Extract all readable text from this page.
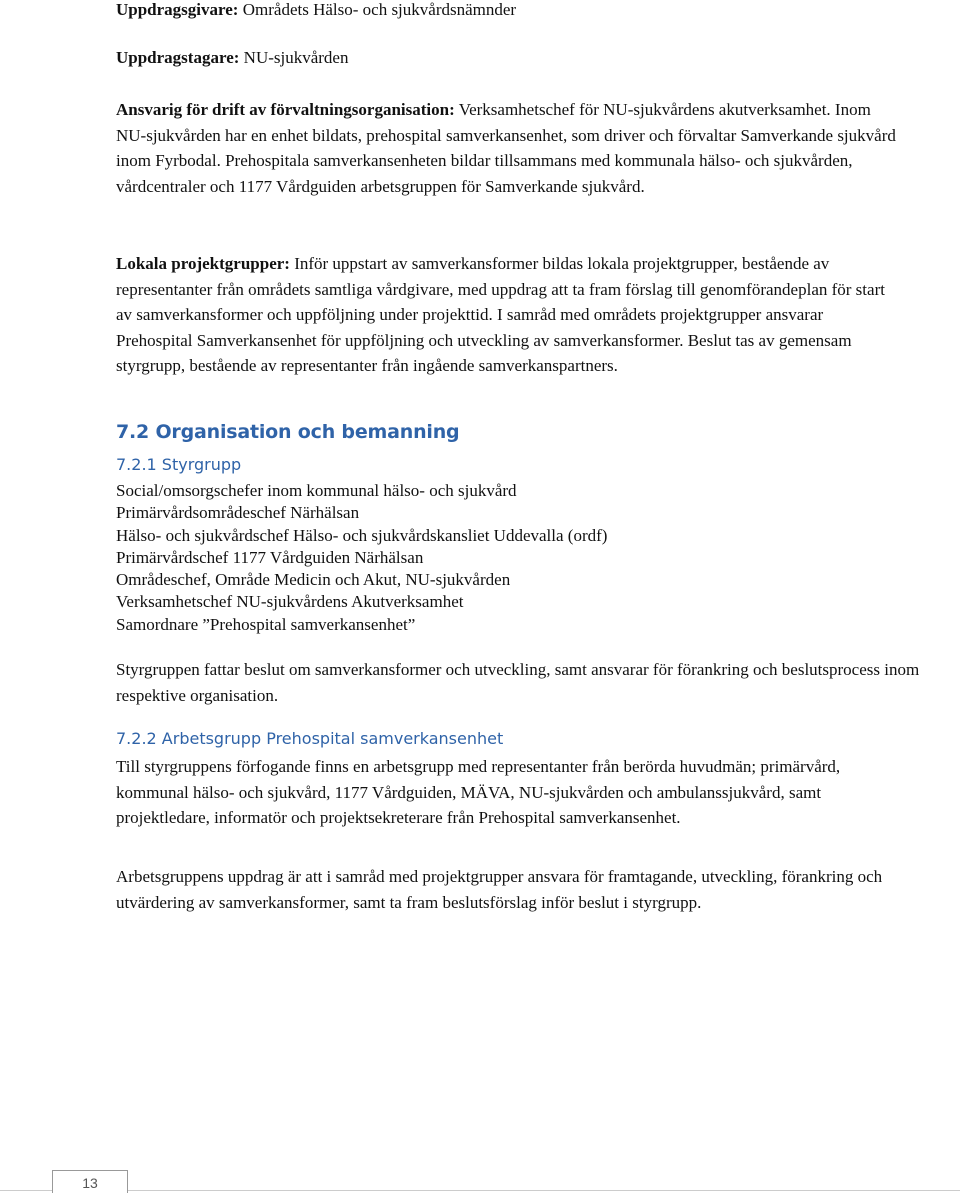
Uppdragsgivare: Områdets Hälso- och sjukvårdsnämnder

Uppdragstagare: NU-sjukvården

Ansvarig för drift av förvaltningsorganisation: Verksamhetschef för NU-sjukvårdens akutverksamhet. Inom NU-sjukvården har en enhet bildats, prehospital samverkansenhet, som driver och förvaltar Samverkande sjukvård inom Fyrbodal. Prehospitala samverkansenheten bildar tillsammans med kommunala hälso- och sjukvården, vårdcentraler och 1177 Vårdguiden arbetsgruppen för Samverkande sjukvård.

Lokala projektgrupper: Inför uppstart av samverkansformer bildas lokala projektgrupper, bestående av representanter från områdets samtliga vårdgivare, med uppdrag att ta fram förslag till genomförandeplan för start av samverkansformer och uppföljning under projekttid. I samråd med områdets projektgrupper ansvarar Prehospital Samverkansenhet för uppföljning och utveckling av samverkansformer. Beslut tas av gemensam styrgrupp, bestående av representanter från ingående samverkanspartners.

7.2 Organisation och bemanning
7.2.1 Styrgrupp

Social/omsorgschefer inom kommunal hälso- och sjukvård

Primärvårdsområdeschef Närhälsan

Hälso- och sjukvårdschef Hälso- och sjukvårdskansliet Uddevalla (ordf)

Primärvårdschef 1177 Vårdguiden Närhälsan

Områdeschef, Område Medicin och Akut, NU-sjukvården

Verksamhetschef NU-sjukvårdens Akutverksamhet

Samordnare ”Prehospital samverkansenhet”

Styrgruppen fattar beslut om samverkansformer och utveckling, samt ansvarar för förankring och beslutsprocess inom respektive organisation.

7.2.2 Arbetsgrupp Prehospital samverkansenhet

Till styrgruppens förfogande finns en arbetsgrupp med representanter från berörda huvudmän; primärvård, kommunal hälso- och sjukvård, 1177 Vårdguiden, MÄVA, NU-sjukvården och ambulanssjukvård, samt projektledare, informatör och projektsekreterare från Prehospital samverkansenhet.

Arbetsgruppens uppdrag är att i samråd med projektgrupper ansvara för framtagande, utveckling, förankring och utvärdering av samverkansformer, samt ta fram beslutsförslag inför beslut i styrgrupp.

13
